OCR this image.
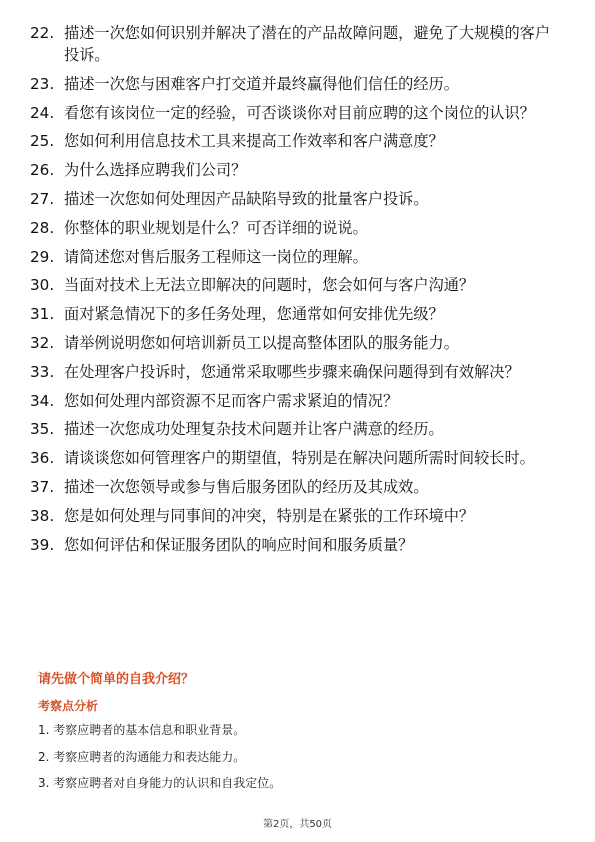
22. 描述一次您如何识别并解决了潜在的产品故障问题，避免了大规模的客户投诉。
23. 描述一次您与困难客户打交道并最终赢得他们信任的经历。
24. 看您有该岗位一定的经验，可否谈谈你对目前应聘的这个岗位的认识？
25. 您如何利用信息技术工具来提高工作效率和客户满意度？
26. 为什么选择应聘我们公司？
27. 描述一次您如何处理因产品缺陷导致的批量客户投诉。
28. 你整体的职业规划是什么？可否详细的说说。
29. 请简述您对售后服务工程师这一岗位的理解。
30. 当面对技术上无法立即解决的问题时，您会如何与客户沟通？
31. 面对紧急情况下的多任务处理，您通常如何安排优先级？
32. 请举例说明您如何培训新员工以提高整体团队的服务能力。
33. 在处理客户投诉时，您通常采取哪些步骤来确保问题得到有效解决？
34. 您如何处理内部资源不足而客户需求紧迫的情况？
35. 描述一次您成功处理复杂技术问题并让客户满意的经历。
36. 请谈谈您如何管理客户的期望值，特别是在解决问题所需时间较长时。
37. 描述一次您领导或参与售后服务团队的经历及其成效。
38. 您是如何处理与同事间的冲突，特别是在紧张的工作环境中？
39. 您如何评估和保证服务团队的响应时间和服务质量？
请先做个简单的自我介绍？
考察点分析
1. 考察应聘者的基本信息和职业背景。
2. 考察应聘者的沟通能力和表达能力。
3. 考察应聘者对自身能力的认识和自我定位。
第2页，共50页
